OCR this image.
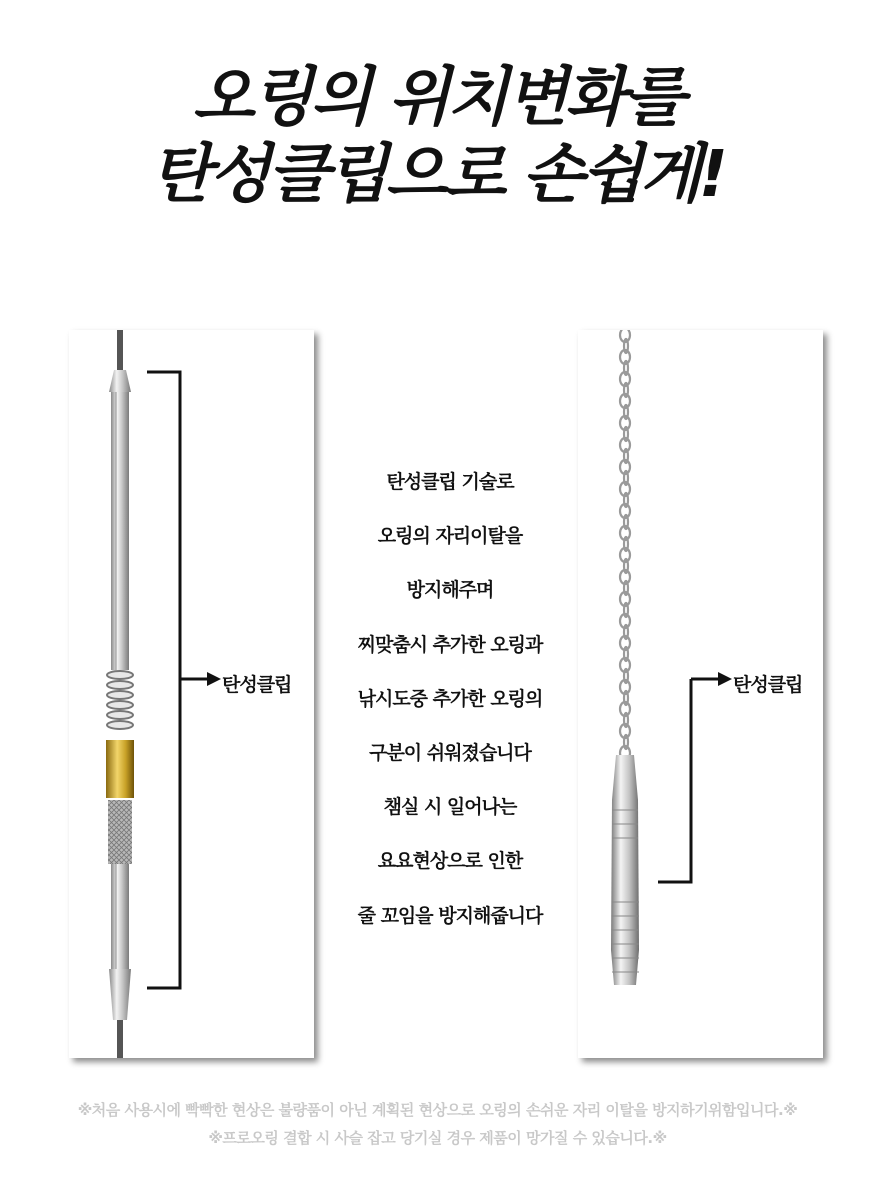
오링의 위치변화를
탄성클립으로 손쉽게!
탄성클립
탄성클립 기술로
오링의 자리이탈을
방지해주며
찌맞춤시 추가한 오링과
낚시도중 추가한 오링의
구분이 쉬워졌습니다
챔실 시 일어나는
요요현상으로 인한
줄 꼬임을 방지해줍니다
탄성클립
※처음 사용시에 빡빡한 현상은 불량품이 아닌 계획된 현상으로 오링의 손쉬운 자리 이탈을 방지하기위함입니다.※
※프로오링 결합 시 사슬 잡고 당기실 경우 제품이 망가질 수 있습니다.※
